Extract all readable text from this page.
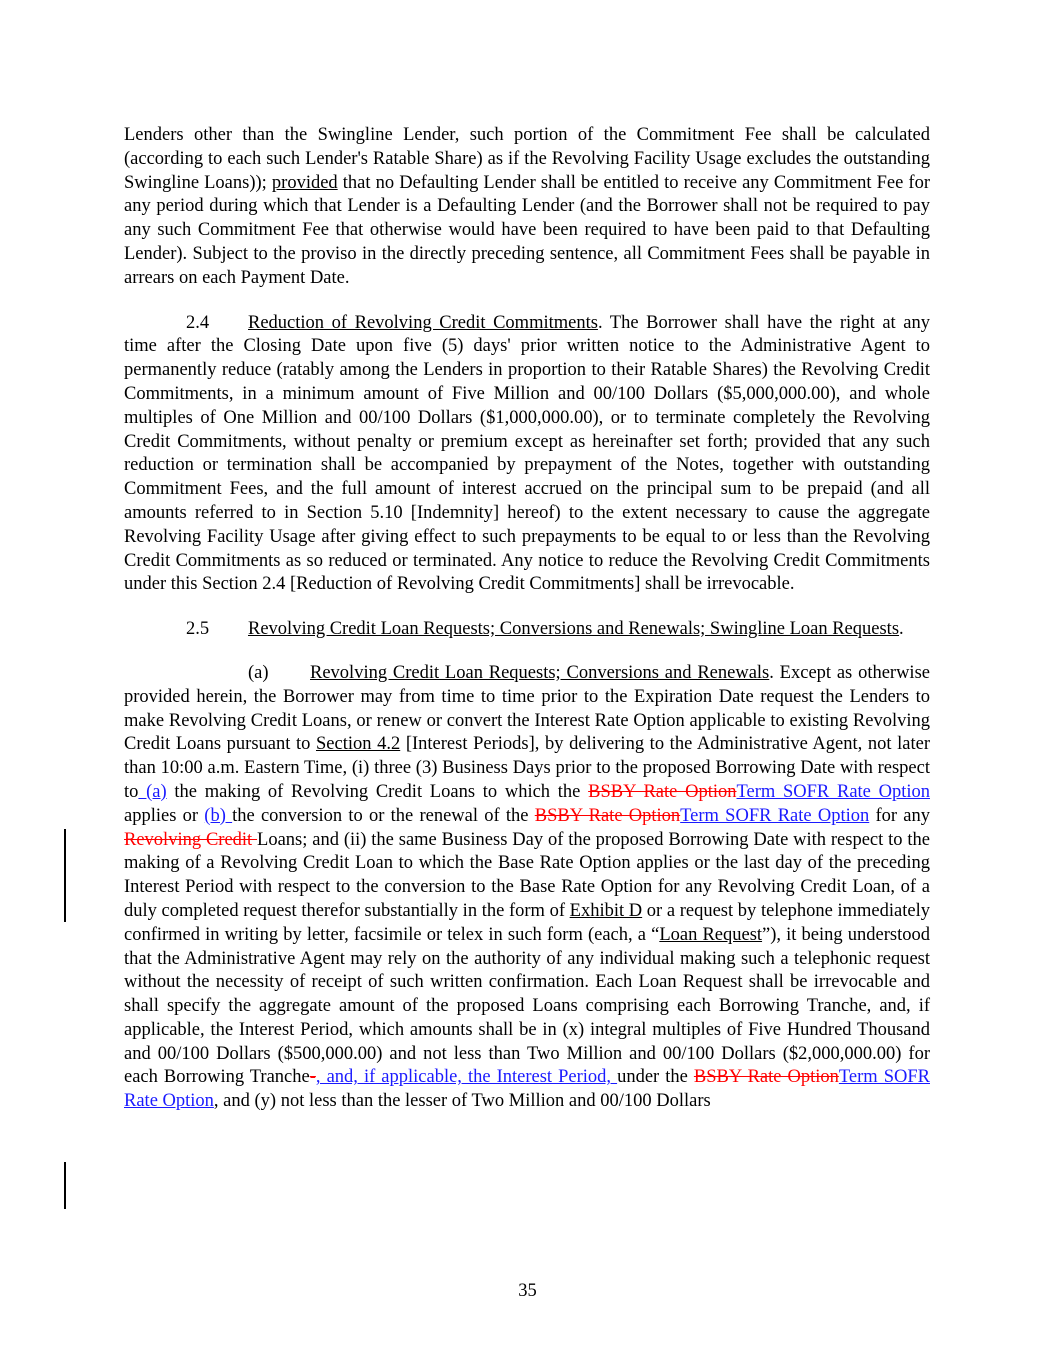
Lenders other than the Swingline Lender, such portion of the Commitment Fee shall be calculated (according to each such Lender's Ratable Share) as if the Revolving Facility Usage excludes the outstanding Swingline Loans)); provided that no Defaulting Lender shall be entitled to receive any Commitment Fee for any period during which that Lender is a Defaulting Lender (and the Borrower shall not be required to pay any such Commitment Fee that otherwise would have been required to have been paid to that Defaulting Lender). Subject to the proviso in the directly preceding sentence, all Commitment Fees shall be payable in arrears on each Payment Date.

2.4 Reduction of Revolving Credit Commitments. The Borrower shall have the right at any time after the Closing Date upon five (5) days' prior written notice to the Administrative Agent to permanently reduce (ratably among the Lenders in proportion to their Ratable Shares) the Revolving Credit Commitments, in a minimum amount of Five Million and 00/100 Dollars ($5,000,000.00), and whole multiples of One Million and 00/100 Dollars ($1,000,000.00), or to terminate completely the Revolving Credit Commitments, without penalty or premium except as hereinafter set forth; provided that any such reduction or termination shall be accompanied by prepayment of the Notes, together with outstanding Commitment Fees, and the full amount of interest accrued on the principal sum to be prepaid (and all amounts referred to in Section 5.10 [Indemnity] hereof) to the extent necessary to cause the aggregate Revolving Facility Usage after giving effect to such prepayments to be equal to or less than the Revolving Credit Commitments as so reduced or terminated. Any notice to reduce the Revolving Credit Commitments under this Section 2.4 [Reduction of Revolving Credit Commitments] shall be irrevocable.

2.5 Revolving Credit Loan Requests; Conversions and Renewals; Swingline Loan Requests.

(a) Revolving Credit Loan Requests; Conversions and Renewals. Except as otherwise provided herein, the Borrower may from time to time prior to the Expiration Date request the Lenders to make Revolving Credit Loans, or renew or convert the Interest Rate Option applicable to existing Revolving Credit Loans pursuant to Section 4.2 [Interest Periods], by delivering to the Administrative Agent, not later than 10:00 a.m. Eastern Time, (i) three (3) Business Days prior to the proposed Borrowing Date with respect to (a) the making of Revolving Credit Loans to which the BSBY Rate OptionTerm SOFR Rate Option applies or (b) the conversion to or the renewal of the BSBY Rate OptionTerm SOFR Rate Option for any Revolving Credit Loans; and (ii) the same Business Day of the proposed Borrowing Date with respect to the making of a Revolving Credit Loan to which the Base Rate Option applies or the last day of the preceding Interest Period with respect to the conversion to the Base Rate Option for any Revolving Credit Loan, of a duly completed request therefor substantially in the form of Exhibit D or a request by telephone immediately confirmed in writing by letter, facsimile or telex in such form (each, a “Loan Request”), it being understood that the Administrative Agent may rely on the authority of any individual making such a telephonic request without the necessity of receipt of such written confirmation. Each Loan Request shall be irrevocable and shall specify the aggregate amount of the proposed Loans comprising each Borrowing Tranche, and, if applicable, the Interest Period, which amounts shall be in (x) integral multiples of Five Hundred Thousand and 00/100 Dollars ($500,000.00) and not less than Two Million and 00/100 Dollars ($2,000,000.00) for each Borrowing Tranche-, and, if applicable, the Interest Period, under the BSBY Rate OptionTerm SOFR Rate Option, and (y) not less than the lesser of Two Million and 00/100 Dollars

35
